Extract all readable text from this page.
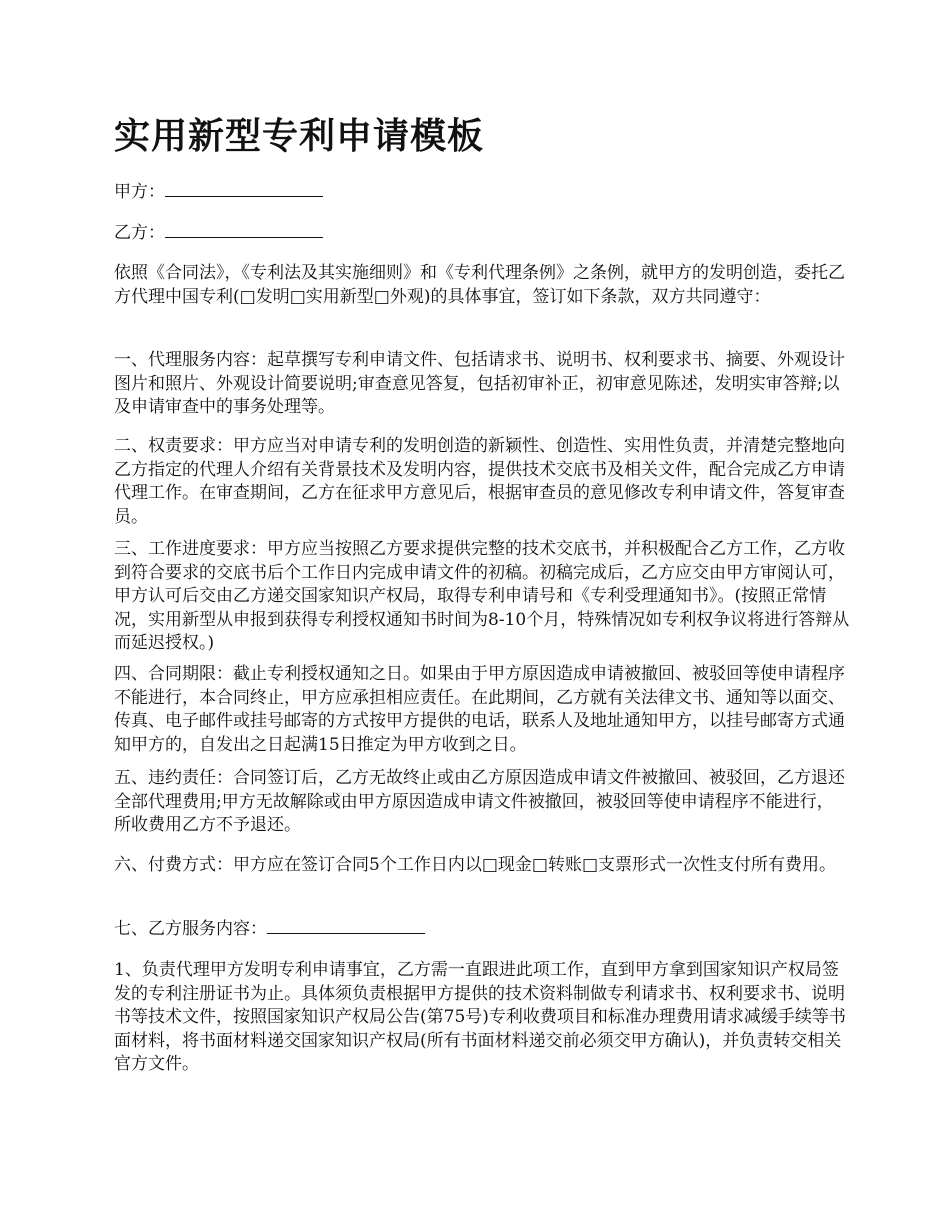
实用新型专利申请模板

甲方：

乙方：

依照《合同法》，《专利法及其实施细则》和《专利代理条例》之条例，就甲方的发明创造，委托乙方代理中国专利(□发明□实用新型□外观)的具体事宜，签订如下条款，双方共同遵守：

一、代理服务内容：起草撰写专利申请文件、包括请求书、说明书、权利要求书、摘要、外观设计图片和照片、外观设计简要说明;审查意见答复，包括初审补正，初审意见陈述，发明实审答辩;以及申请审查中的事务处理等。

二、权责要求：甲方应当对申请专利的发明创造的新颖性、创造性、实用性负责，并清楚完整地向乙方指定的代理人介绍有关背景技术及发明内容，提供技术交底书及相关文件，配合完成乙方申请代理工作。在审查期间，乙方在征求甲方意见后，根据审查员的意见修改专利申请文件，答复审查员。

三、工作进度要求：甲方应当按照乙方要求提供完整的技术交底书，并积极配合乙方工作，乙方收到符合要求的交底书后个工作日内完成申请文件的初稿。初稿完成后，乙方应交由甲方审阅认可，甲方认可后交由乙方递交国家知识产权局，取得专利申请号和《专利受理通知书》。(按照正常情况，实用新型从申报到获得专利授权通知书时间为8-10个月，特殊情况如专利权争议将进行答辩从而延迟授权。)

四、合同期限：截止专利授权通知之日。如果由于甲方原因造成申请被撤回、被驳回等使申请程序不能进行，本合同终止，甲方应承担相应责任。在此期间，乙方就有关法律文书、通知等以面交、传真、电子邮件或挂号邮寄的方式按甲方提供的电话，联系人及地址通知甲方，以挂号邮寄方式通知甲方的，自发出之日起满15日推定为甲方收到之日。

五、违约责任：合同签订后，乙方无故终止或由乙方原因造成申请文件被撤回、被驳回，乙方退还全部代理费用;甲方无故解除或由甲方原因造成申请文件被撤回，被驳回等使申请程序不能进行，所收费用乙方不予退还。

六、付费方式：甲方应在签订合同5个工作日内以□现金□转账□支票形式一次性支付所有费用。

七、乙方服务内容：

1、负责代理甲方发明专利申请事宜，乙方需一直跟进此项工作，直到甲方拿到国家知识产权局签发的专利注册证书为止。具体须负责根据甲方提供的技术资料制做专利请求书、权利要求书、说明书等技术文件，按照国家知识产权局公告(第75号)专利收费项目和标准办理费用请求减缓手续等书面材料，将书面材料递交国家知识产权局(所有书面材料递交前必须交甲方确认)，并负责转交相关官方文件。
